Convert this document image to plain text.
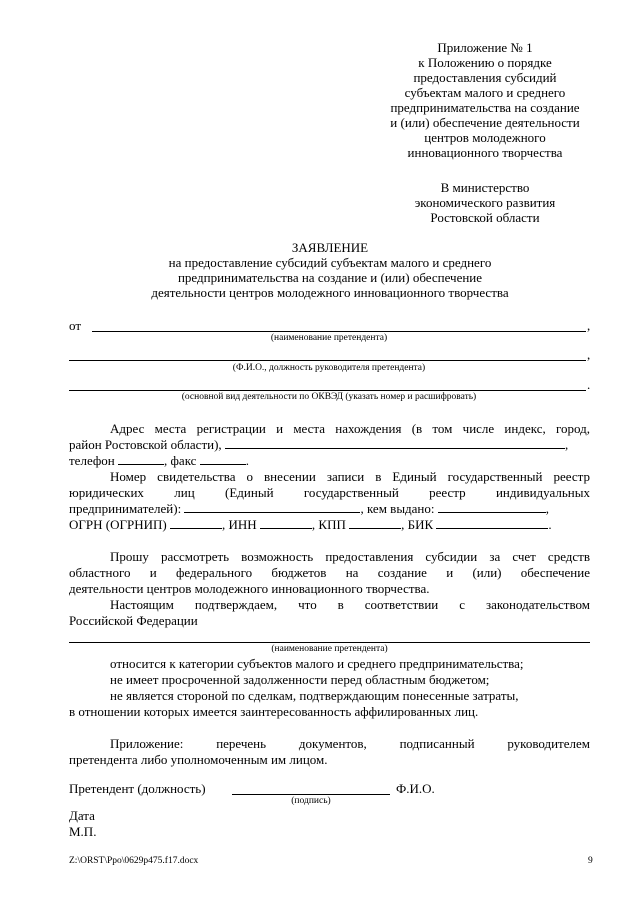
Приложение № 1
к Положению о порядке
предоставления субсидий
субъектам малого и среднего
предпринимательства на создание
и (или) обеспечение деятельности
центров молодежного
инновационного творчества
В министерство
экономического развития
Ростовской области
ЗАЯВЛЕНИЕ
на предоставление субсидий субъектам малого и среднего
предпринимательства на создание и (или) обеспечение
деятельности центров молодежного инновационного творчества
от	,
(наименование претендента)
,
(Ф.И.О., должность руководителя претендента)
.
(основной вид деятельности по ОКВЭД (указать номер и расшифровать)
Адрес места регистрации и места нахождения (в том числе индекс, город,
район Ростовской области),	,
телефон	, факс	.
Номер свидетельства о внесении записи в Единый государственный реестр
юридических лиц (Единый государственный реестр индивидуальных
предпринимателей):	, кем выдано:	,
ОГРН (ОГРНИП)	, ИНН	, КПП	, БИК	.
Прошу рассмотреть возможность предоставления субсидии за счет средств
областного и федерального бюджетов на создание и (или) обеспечение
деятельности центров молодежного инновационного творчества.
Настоящим подтверждаем, что в соответствии с законодательством
Российской Федерации
(наименование претендента)
относится к категории субъектов малого и среднего предпринимательства;
не имеет просроченной задолженности перед областным бюджетом;
не является стороной по сделкам, подтверждающим понесенные затраты,
в отношении которых имеется заинтересованность аффилированных лиц.
Приложение: перечень документов, подписанный руководителем
претендента либо уполномоченным им лицом.
Претендент (должность)	Ф.И.О.
(подпись)
Дата
М.П.
Z:\ORST\Ppo\0629p475.f17.docx	9
